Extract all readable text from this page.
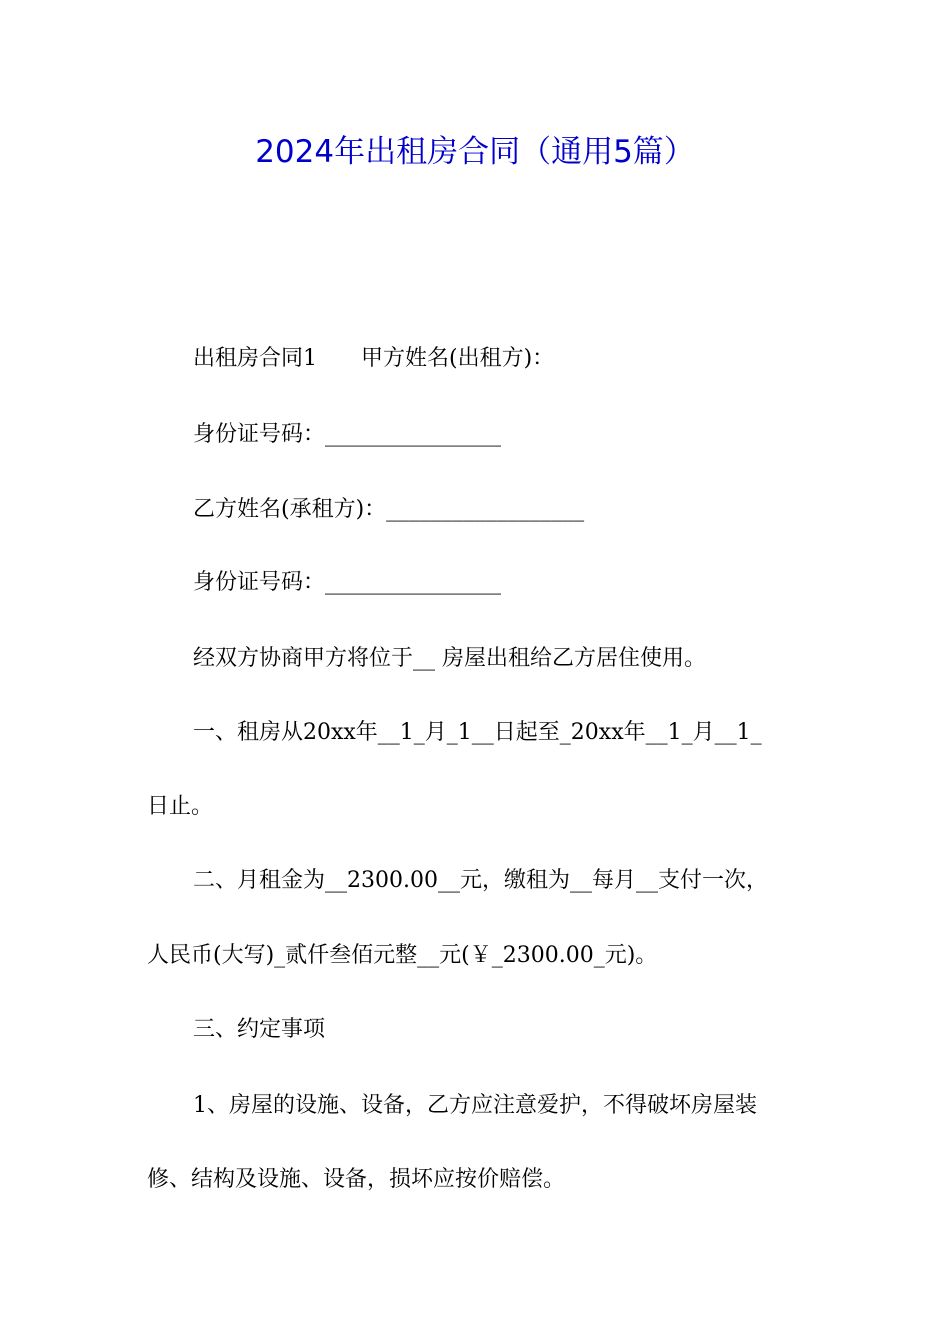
2024年出租房合同（通用5篇）
出租房合同1　　甲方姓名(出租方)：
身份证号码：________________
乙方姓名(承租方)：__________________
身份证号码：________________
经双方协商甲方将位于__ 房屋出租给乙方居住使用。
一、租房从20xx年__1_月_1__日起至_20xx年__1_月__1_
日止。
二、月租金为__2300.00__元，缴租为__每月__支付一次，
人民币(大写)_贰仟叁佰元整__元(￥_2300.00_元)。
三、约定事项
1、房屋的设施、设备，乙方应注意爱护，不得破坏房屋装
修、结构及设施、设备，损坏应按价赔偿。
